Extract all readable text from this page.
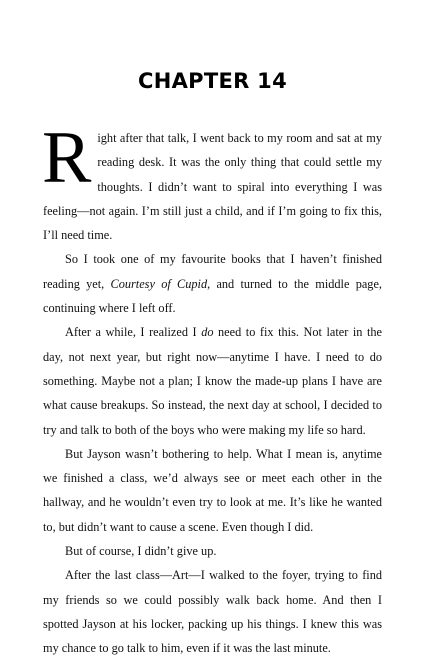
CHAPTER 14

Right after that talk, I went back to my room and sat at my reading desk. It was the only thing that could settle my thoughts. I didn’t want to spiral into everything I was feeling—not again. I’m still just a child, and if I’m going to fix this, I’ll need time.

So I took one of my favourite books that I haven’t finished reading yet, Courtesy of Cupid, and turned to the middle page, continuing where I left off.

After a while, I realized I do need to fix this. Not later in the day, not next year, but right now—anytime I have. I need to do something. Maybe not a plan; I know the made-up plans I have are what cause breakups. So instead, the next day at school, I decided to try and talk to both of the boys who were making my life so hard.

But Jayson wasn’t bothering to help. What I mean is, anytime we finished a class, we’d always see or meet each other in the hallway, and he wouldn’t even try to look at me. It’s like he wanted to, but didn’t want to cause a scene. Even though I did.

But of course, I didn’t give up.

After the last class—Art—I walked to the foyer, trying to find my friends so we could possibly walk back home. And then I spotted Jayson at his locker, packing up his things. I knew this was my chance to go talk to him, even if it was the last minute.
